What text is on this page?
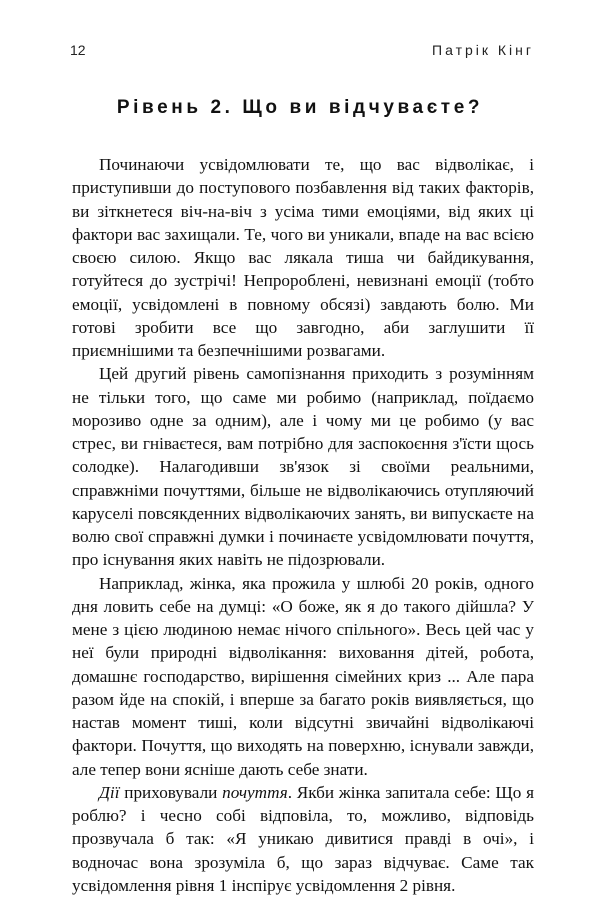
12	Патрік Кінг
Рівень 2. Що ви відчуваєте?

Починаючи усвідомлювати те, що вас відволікає, і приступивши до поступового позбавлення від таких факторів, ви зіткнетеся віч-на-віч з усіма тими емоціями, від яких ці фактори вас захищали. Те, чого ви уникали, впаде на вас всією своєю силою. Якщо вас лякала тиша чи байдикування, готуйтеся до зустрічі! Непророблені, невизнані емоції (тобто емоції, усвідомлені в повному обсязі) завдають болю. Ми готові зробити все що завгодно, аби заглушити її приємнішими та безпечнішими розвагами.

Цей другий рівень самопізнання приходить з розумінням не тільки того, що саме ми робимо (наприклад, поїдаємо морозиво одне за одним), але і чому ми це робимо (у вас стрес, ви гніваєтеся, вам потрібно для заспокоєння з'їсти щось солодке). Налагодивши зв'язок зі своїми реальними, справжніми почуттями, більше не відволікаючись отупляючий каруселі повсякденних відволікаючих занять, ви випускаєте на волю свої справжні думки і починаєте усвідомлювати почуття, про існування яких навіть не підозрювали.

Наприклад, жінка, яка прожила у шлюбі 20 років, одного дня ловить себе на думці: «О боже, як я до такого дійшла? У мене з цією людиною немає нічого спільного». Весь цей час у неї були природні відволікання: виховання дітей, робота, домашнє господарство, вирішення сімейних криз ... Але пара разом йде на спокій, і вперше за багато років виявляється, що настав момент тиші, коли відсутні звичайні відволікаючі фактори. Почуття, що виходять на поверхню, існували завжди, але тепер вони ясніше дають себе знати.

Дії приховували почуття. Якби жінка запитала себе: Що я роблю? і чесно собі відповіла, то, можливо, відповідь прозвучала б так: «Я уникаю дивитися правді в очі», і водночас вона зрозуміла б, що зараз відчуває. Саме так усвідомлення рівня 1 інспірує усвідомлення 2 рівня.
